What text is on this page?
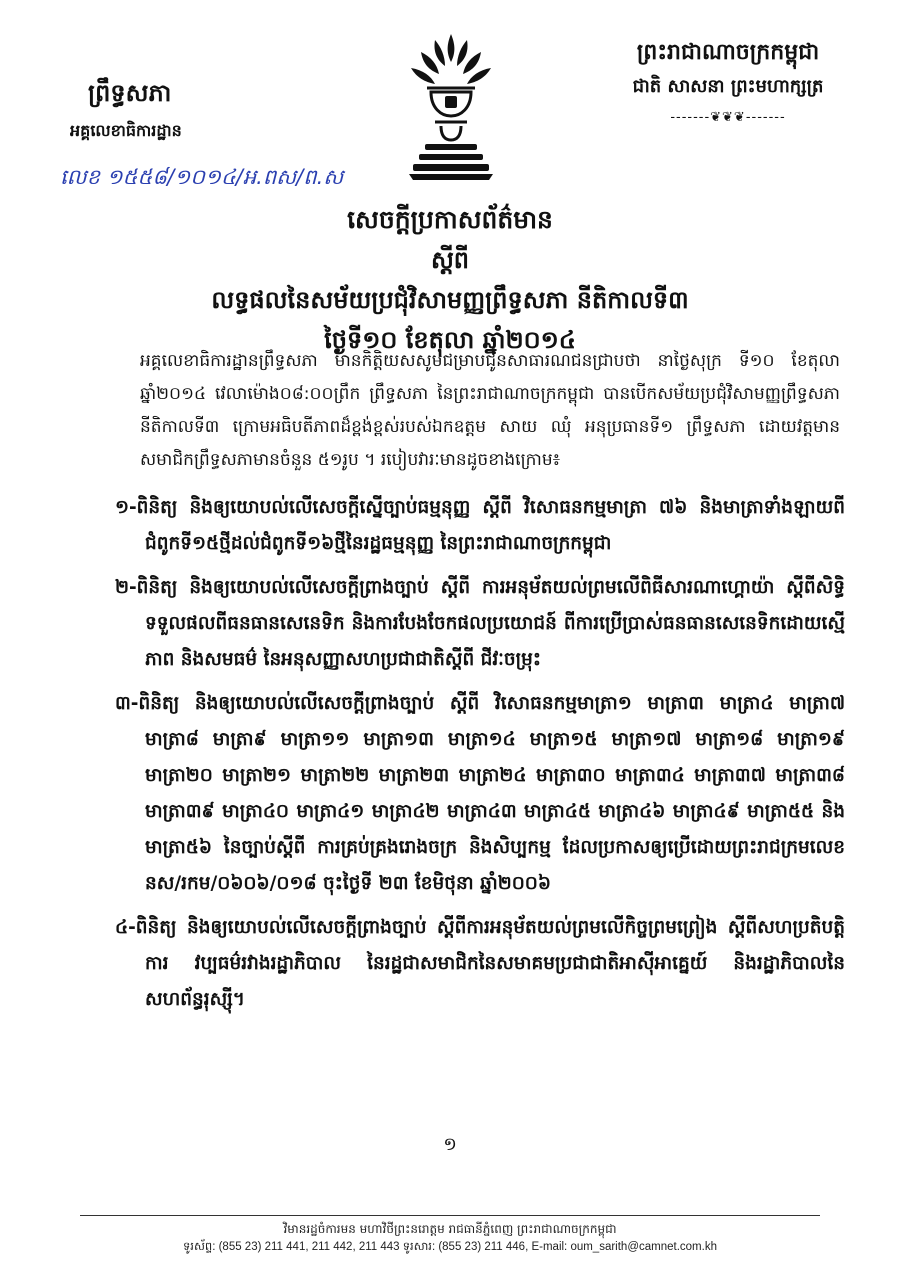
ព្រឹទ្ធសភា
អគ្គលេខាធិការដ្ឋាន
លេខ ១៥៥៨/១០១៤/អ.ពស/ព.ស
ព្រះរាជាណាចក្រកម្ពុជា
ជាតិ សាសនា ព្រះមហាក្សត្រ
-------❦❦❦-------
សេចក្ដីប្រកាសព័ត៌មាន
ស្ដីពី
លទ្ធផលនៃសម័យប្រជុំវិសាមញ្ញព្រឹទ្ធសភា នីតិកាលទី៣
ថ្ងៃទី១០ ខែតុលា ឆ្នាំ២០១៤
អគ្គលេខាធិការដ្ឋានព្រឹទ្ធសភា មានកិត្តិយសសូមជម្រាបជូនសាធារណជនជ្រាបថា នាថ្ងៃសុក្រ ទី១០ ខែតុលា ឆ្នាំ២០១៤ វេលាម៉ោង០៨:០០ព្រឹក ព្រឹទ្ធសភា នៃព្រះរាជាណាចក្រកម្ពុជា បានបើកសម័យប្រជុំវិសាមញ្ញព្រឹទ្ធសភា នីតិកាលទី៣ ក្រោមអធិបតីភាពដ៏ខ្ពង់ខ្ពស់របស់ឯកឧត្ដម សាយ ឈុំ អនុប្រធានទី១ ព្រឹទ្ធសភា ដោយវត្តមានសមាជិកព្រឹទ្ធសភាមានចំនួន ៥១រូប ។ របៀបវារៈមានដូចខាងក្រោម៖
១-ពិនិត្យ និងឲ្យយោបល់លើសេចក្ដីស្នើច្បាប់ធម្មនុញ្ញ ស្ដីពី វិសោធនកម្មមាត្រា ៧៦ និងមាត្រាទាំងឡាយពីជំពូកទី១៥ថ្មីដល់ជំពូកទី១៦ថ្មីនៃរដ្ឋធម្មនុញ្ញ នៃព្រះរាជាណាចក្រកម្ពុជា
២-ពិនិត្យ និងឲ្យយោបល់លើសេចក្ដីព្រាងច្បាប់ ស្ដីពី ការអនុម័តយល់ព្រមលើពិធីសារណាហ្គោយ៉ា ស្ដីពីសិទ្ធិទទួលផលពីធនធានសេនេទិក និងការបែងចែកផលប្រយោជន៍ ពីការប្រើប្រាស់ធនធានសេនេទិកដោយស្មើភាព និងសមធម៌ នៃអនុសញ្ញាសហប្រជាជាតិស្ដីពី ជីវៈចម្រុះ
៣-ពិនិត្យ និងឲ្យយោបល់លើសេចក្ដីព្រាងច្បាប់ ស្ដីពី វិសោធនកម្មមាត្រា១ មាត្រា៣ មាត្រា៤ មាត្រា៧ មាត្រា៨ មាត្រា៩ មាត្រា១១ មាត្រា១៣ មាត្រា១៤ មាត្រា១៥ មាត្រា១៧ មាត្រា១៨ មាត្រា១៩ មាត្រា២០ មាត្រា២១ មាត្រា២២ មាត្រា២៣ មាត្រា២៤ មាត្រា៣០ មាត្រា៣៤ មាត្រា៣៧ មាត្រា៣៨ មាត្រា៣៩ មាត្រា៤០ មាត្រា៤១ មាត្រា៤២ មាត្រា៤៣ មាត្រា៤៥ មាត្រា៤៦ មាត្រា៤៩ មាត្រា៥៥ និងមាត្រា៥៦ នៃច្បាប់ស្ដីពី ការគ្រប់គ្រងរោងចក្រ និងសិប្បកម្ម ដែលប្រកាសឲ្យប្រើដោយព្រះរាជក្រមលេខ នស/រកម/០៦០៦/០១៨ ចុះថ្ងៃទី ២៣ ខែមិថុនា ឆ្នាំ២០០៦
៤-ពិនិត្យ និងឲ្យយោបល់លើសេចក្ដីព្រាងច្បាប់ ស្ដីពីការអនុម័តយល់ព្រមលើកិច្ចព្រមព្រៀង ស្ដីពីសហប្រតិបត្តិការ វប្បធម៌រវាងរដ្ឋាភិបាល នៃរដ្ឋជាសមាជិកនៃសមាគមប្រជាជាតិអាស៊ីអាគ្នេយ៍ និងរដ្ឋាភិបាលនៃសហព័ន្ធរុស្ស៊ី។
១
វិមានរដ្ឋចំការមន មហាវិថីព្រះនរោត្ដម រាជធានីភ្នំពេញ ព្រះរាជាណាចក្រកម្ពុជា
ទូរស័ព្ទ: (855 23) 211 441, 211 442, 211 443 ទូរសារ: (855 23) 211 446, E-mail: oum_sarith@camnet.com.kh
